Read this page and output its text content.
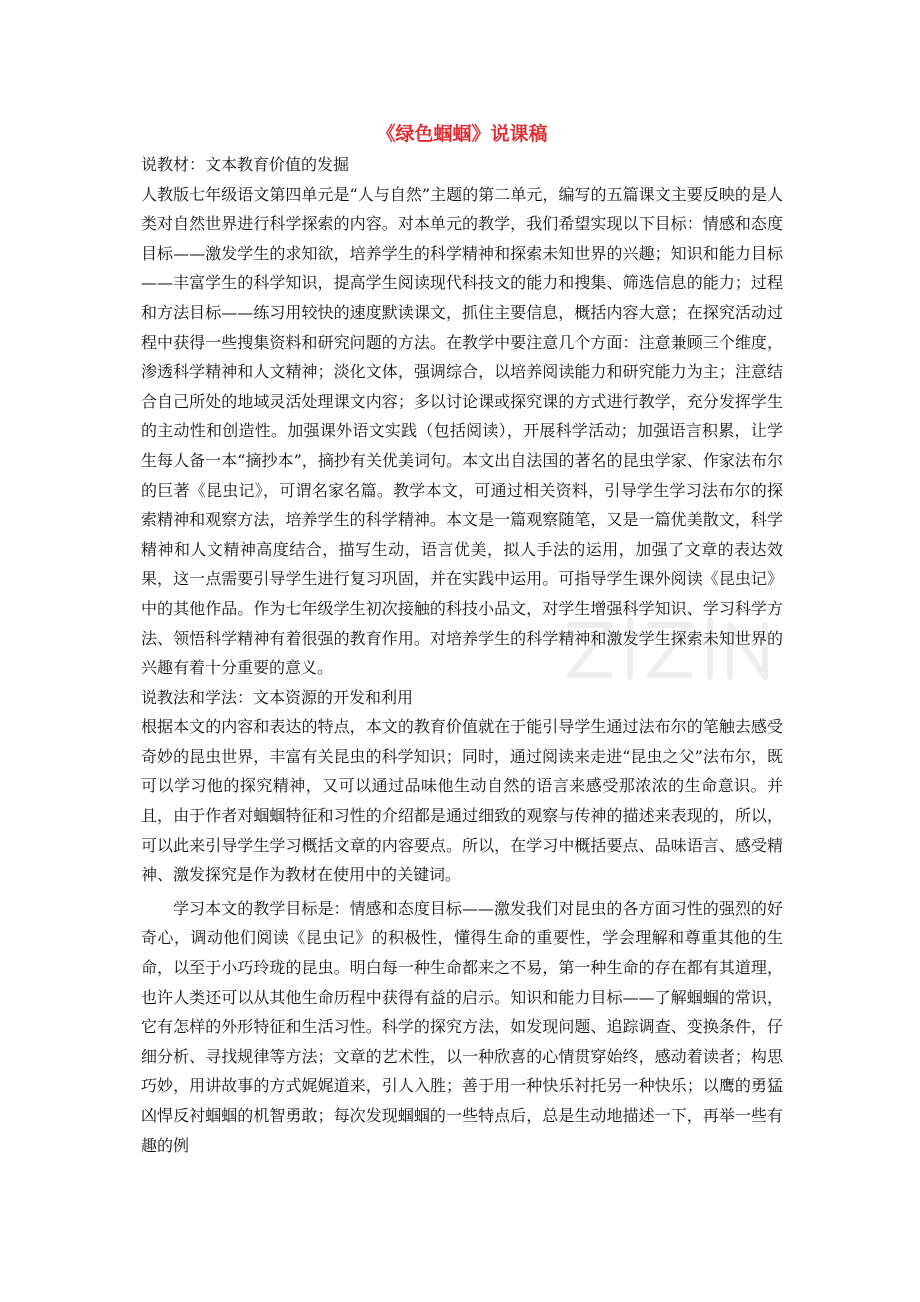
《绿色蝈蝈》说课稿
说教材：文本教育价值的发掘
人教版七年级语文第四单元是“人与自然”主题的第二单元，编写的五篇课文主要反映的是人类对自然世界进行科学探索的内容。对本单元的教学，我们希望实现以下目标：情感和态度目标——激发学生的求知欲，培养学生的科学精神和探索未知世界的兴趣；知识和能力目标——丰富学生的科学知识，提高学生阅读现代科技文的能力和搜集、筛选信息的能力；过程和方法目标——练习用较快的速度默读课文，抓住主要信息，概括内容大意；在探究活动过程中获得一些搜集资料和研究问题的方法。在教学中要注意几个方面：注意兼顾三个维度，渗透科学精神和人文精神；淡化文体，强调综合，以培养阅读能力和研究能力为主；注意结合自己所处的地域灵活处理课文内容；多以讨论课或探究课的方式进行教学，充分发挥学生的主动性和创造性。加强课外语文实践（包括阅读），开展科学活动；加强语言积累，让学生每人备一本“摘抄本”，摘抄有关优美词句。本文出自法国的著名的昆虫学家、作家法布尔的巨著《昆虫记》，可谓名家名篇。教学本文，可通过相关资料，引导学生学习法布尔的探索精神和观察方法，培养学生的科学精神。本文是一篇观察随笔，又是一篇优美散文，科学精神和人文精神高度结合，描写生动，语言优美，拟人手法的运用，加强了文章的表达效果，这一点需要引导学生进行复习巩固，并在实践中运用。可指导学生课外阅读《昆虫记》中的其他作品。作为七年级学生初次接触的科技小品文，对学生增强科学知识、学习科学方法、领悟科学精神有着很强的教育作用。对培养学生的科学精神和激发学生探索未知世界的兴趣有着十分重要的意义。
说教法和学法：文本资源的开发和利用
根据本文的内容和表达的特点，本文的教育价值就在于能引导学生通过法布尔的笔触去感受奇妙的昆虫世界，丰富有关昆虫的科学知识；同时，通过阅读来走进“昆虫之父”法布尔，既可以学习他的探究精神，又可以通过品味他生动自然的语言来感受那浓浓的生命意识。并且，由于作者对蝈蝈特征和习性的介绍都是通过细致的观察与传神的描述来表现的，所以，可以此来引导学生学习概括文章的内容要点。所以，在学习中概括要点、品味语言、感受精神、激发探究是作为教材在使用中的关键词。
学习本文的教学目标是：情感和态度目标——激发我们对昆虫的各方面习性的强烈的好奇心，调动他们阅读《昆虫记》的积极性，懂得生命的重要性，学会理解和尊重其他的生命，以至于小巧玲珑的昆虫。明白每一种生命都来之不易，第一种生命的存在都有其道理，也许人类还可以从其他生命历程中获得有益的启示。知识和能力目标——了解蝈蝈的常识，它有怎样的外形特征和生活习性。科学的探究方法，如发现问题、追踪调查、变换条件，仔细分析、寻找规律等方法；文章的艺术性，以一种欣喜的心情贯穿始终，感动着读者；构思巧妙，用讲故事的方式娓娓道来，引人入胜；善于用一种快乐衬托另一种快乐；以鹰的勇猛凶悍反衬蝈蝈的机智勇敢；每次发现蝈蝈的一些特点后，总是生动地描述一下，再举一些有趣的例
